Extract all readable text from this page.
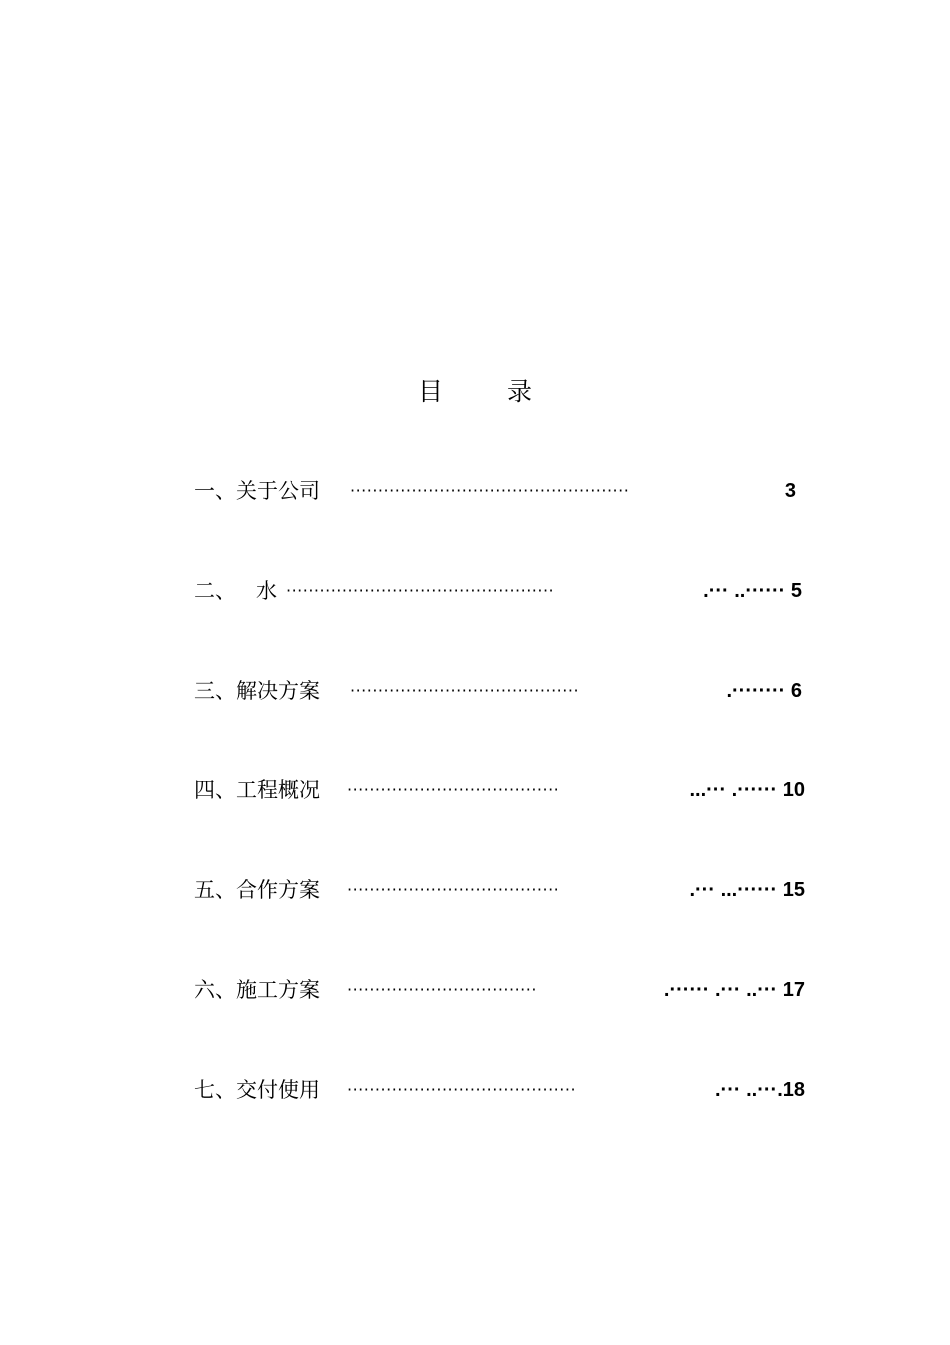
目 录
一、关于公司 ··················································	3
二、   水 ················································	.··· ..······ 5
三、解决方案 ·········································	.········ 6
四、工程概况 ······································	...··· .······ 10
五、合作方案 ······································	.··· ...······ 15
六、施工方案 ··································	.······ .··· ..··· 17
七、交付使用 ·········································	.··· ..···.18
